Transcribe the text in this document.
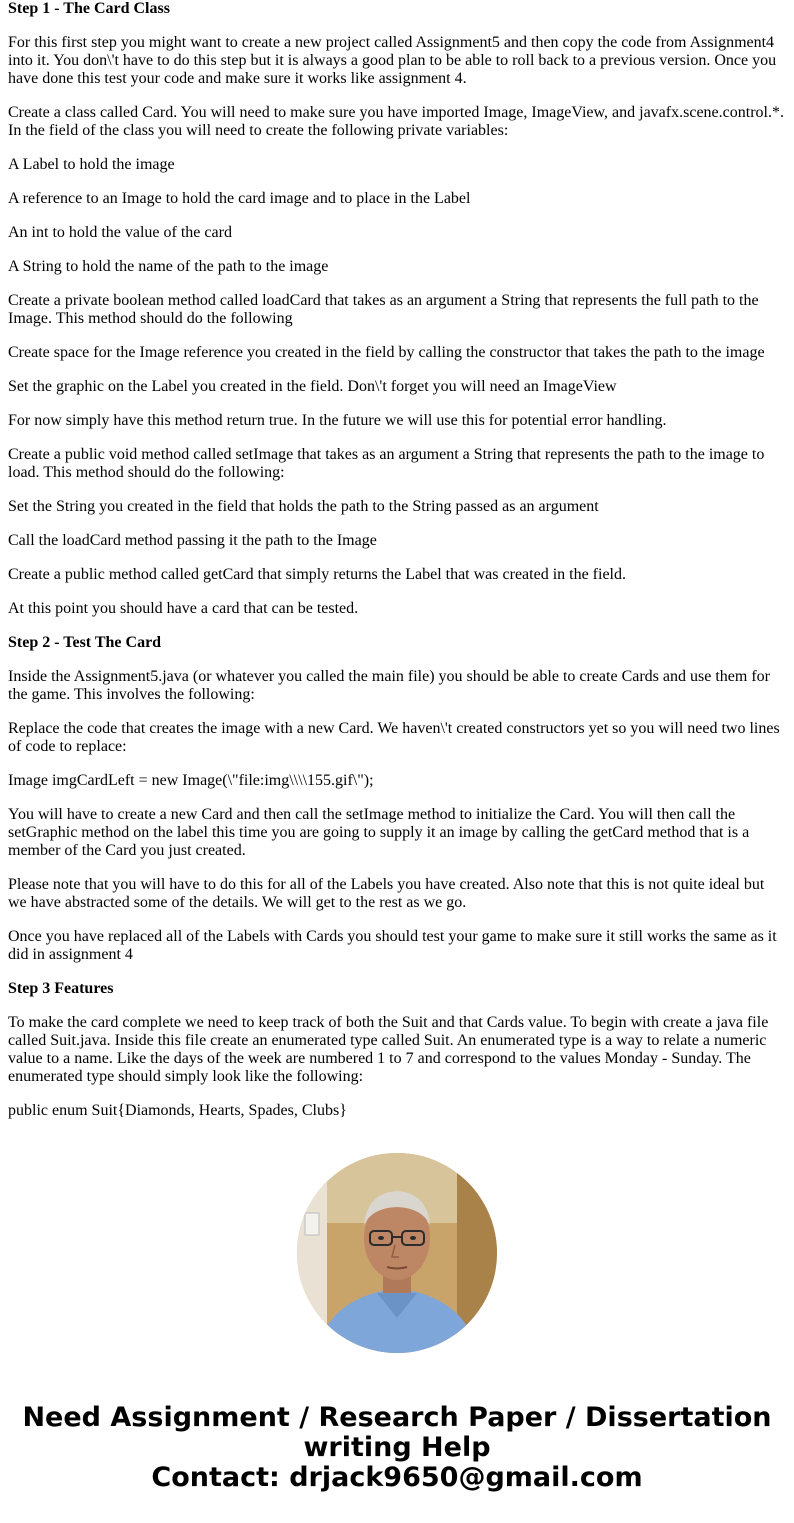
Step 1 - The Card Class

For this first step you might want to create a new project called Assignment5 and then copy the code from Assignment4 into it. You don\'t have to do this step but it is always a good plan to be able to roll back to a previous version. Once you have done this test your code and make sure it works like assignment 4.

Create a class called Card. You will need to make sure you have imported Image, ImageView, and javafx.scene.control.*. In the field of the class you will need to create the following private variables:

A Label to hold the image

A reference to an Image to hold the card image and to place in the Label

An int to hold the value of the card

A String to hold the name of the path to the image

Create a private boolean method called loadCard that takes as an argument a String that represents the full path to the Image. This method should do the following

Create space for the Image reference you created in the field by calling the constructor that takes the path to the image

Set the graphic on the Label you created in the field. Don\'t forget you will need an ImageView

For now simply have this method return true. In the future we will use this for potential error handling.

Create a public void method called setImage that takes as an argument a String that represents the path to the image to load. This method should do the following:

Set the String you created in the field that holds the path to the String passed as an argument

Call the loadCard method passing it the path to the Image

Create a public method called getCard that simply returns the Label that was created in the field.

At this point you should have a card that can be tested.

Step 2 - Test The Card

Inside the Assignment5.java (or whatever you called the main file) you should be able to create Cards and use them for the game. This involves the following:

Replace the code that creates the image with a new Card. We haven\'t created constructors yet so you will need two lines of code to replace:

Image imgCardLeft = new Image(\"file:img\\\\155.gif\");

You will have to create a new Card and then call the setImage method to initialize the Card. You will then call the setGraphic method on the label this time you are going to supply it an image by calling the getCard method that is a member of the Card you just created.

Please note that you will have to do this for all of the Labels you have created. Also note that this is not quite ideal but we have abstracted some of the details. We will get to the rest as we go.

Once you have replaced all of the Labels with Cards you should test your game to make sure it still works the same as it did in assignment 4

Step 3 Features

To make the card complete we need to keep track of both the Suit and that Cards value. To begin with create a java file called Suit.java. Inside this file create an enumerated type called Suit. An enumerated type is a way to relate a numeric value to a name. Like the days of the week are numbered 1 to 7 and correspond to the values Monday - Sunday. The enumerated type should simply look like the following:

public enum Suit{Diamonds, Hearts, Spades, Clubs}

Need Assignment / Research Paper / Dissertation
writing Help
Contact: drjack9650@gmail.com
